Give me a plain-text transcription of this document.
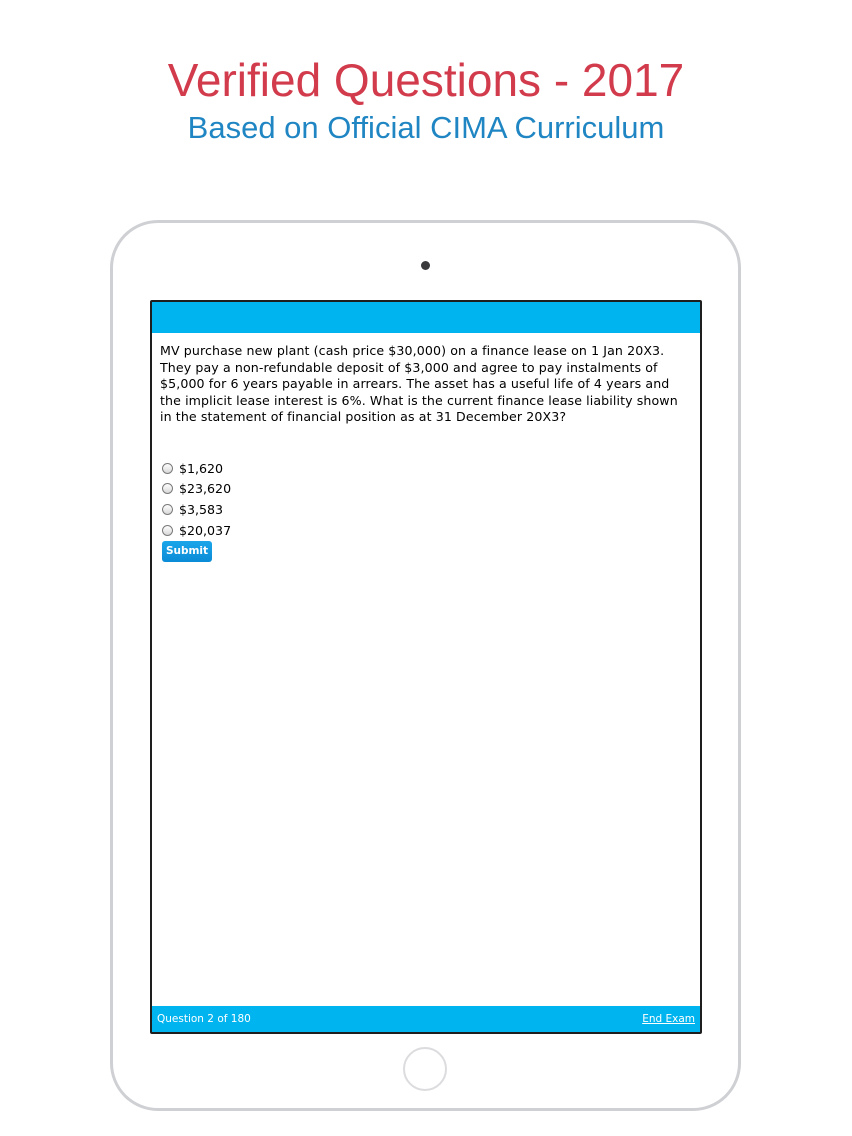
Verified Questions - 2017
Based on Official CIMA Curriculum

MV purchase new plant (cash price $30,000) on a finance lease on 1 Jan 20X3. They pay a non-refundable deposit of $3,000 and agree to pay instalments of $5,000 for 6 years payable in arrears. The asset has a useful life of 4 years and the implicit lease interest is 6%. What is the current finance lease liability shown in the statement of financial position as at 31 December 20X3?

$1,620
$23,620
$3,583
$20,037
Submit
Question 2 of 180	End Exam
